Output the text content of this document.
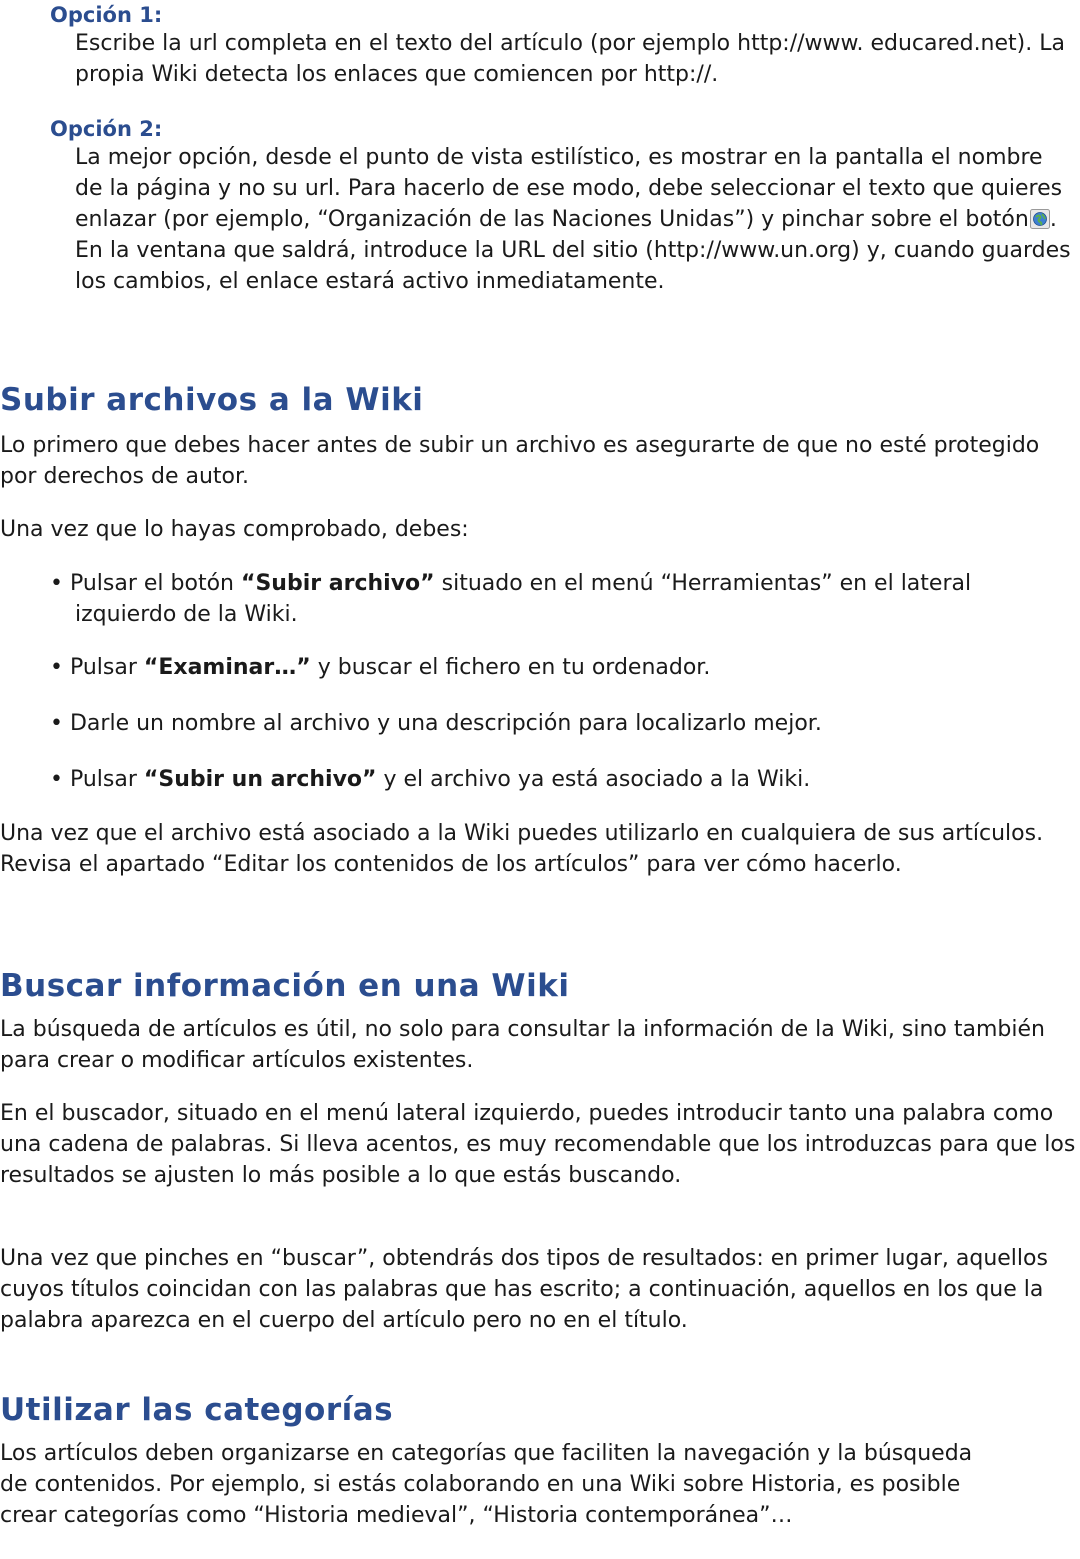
Opción 1:

Escribe la url completa en el texto del artículo (por ejemplo http://www. educared.net). La propia Wiki detecta los enlaces que comiencen por http://.

Opción 2:

La mejor opción, desde el punto de vista estilístico, es mostrar en la pantalla el nombre de la página y no su url. Para hacerlo de ese modo, debe seleccionar el texto que quieres enlazar (por ejemplo, “Organización de las Naciones Unidas”) y pinchar sobre el botón . En la ventana que saldrá, introduce la URL del sitio (http://www.un.org) y, cuando guardes los cambios, el enlace estará activo inmediatamente.

Subir archivos a la Wiki

Lo primero que debes hacer antes de subir un archivo es asegurarte de que no esté protegido por derechos de autor.

Una vez que lo hayas comprobado, debes:

• Pulsar el botón “Subir archivo” situado en el menú “Herramientas” en el lateral izquierdo de la Wiki.

• Pulsar “Examinar…” y buscar el fichero en tu ordenador.

• Darle un nombre al archivo y una descripción para localizarlo mejor.

• Pulsar “Subir un archivo” y el archivo ya está asociado a la Wiki.

Una vez que el archivo está asociado a la Wiki puedes utilizarlo en cualquiera de sus artículos. Revisa el apartado “Editar los contenidos de los artículos” para ver cómo hacerlo.

Buscar información en una Wiki

La búsqueda de artículos es útil, no solo para consultar la información de la Wiki, sino también para crear o modificar artículos existentes.

En el buscador, situado en el menú lateral izquierdo, puedes introducir tanto una palabra como una cadena de palabras. Si lleva acentos, es muy recomendable que los introduzcas para que los resultados se ajusten lo más posible a lo que estás buscando.

Una vez que pinches en “buscar”, obtendrás dos tipos de resultados: en primer lugar, aquellos cuyos títulos coincidan con las palabras que has escrito; a continuación, aquellos en los que la palabra aparezca en el cuerpo del artículo pero no en el título.

Utilizar las categorías

Los artículos deben organizarse en categorías que faciliten la navegación y la búsqueda de contenidos. Por ejemplo, si estás colaborando en una Wiki sobre Historia, es posible crear categorías como “Historia medieval”, “Historia contemporánea”…
